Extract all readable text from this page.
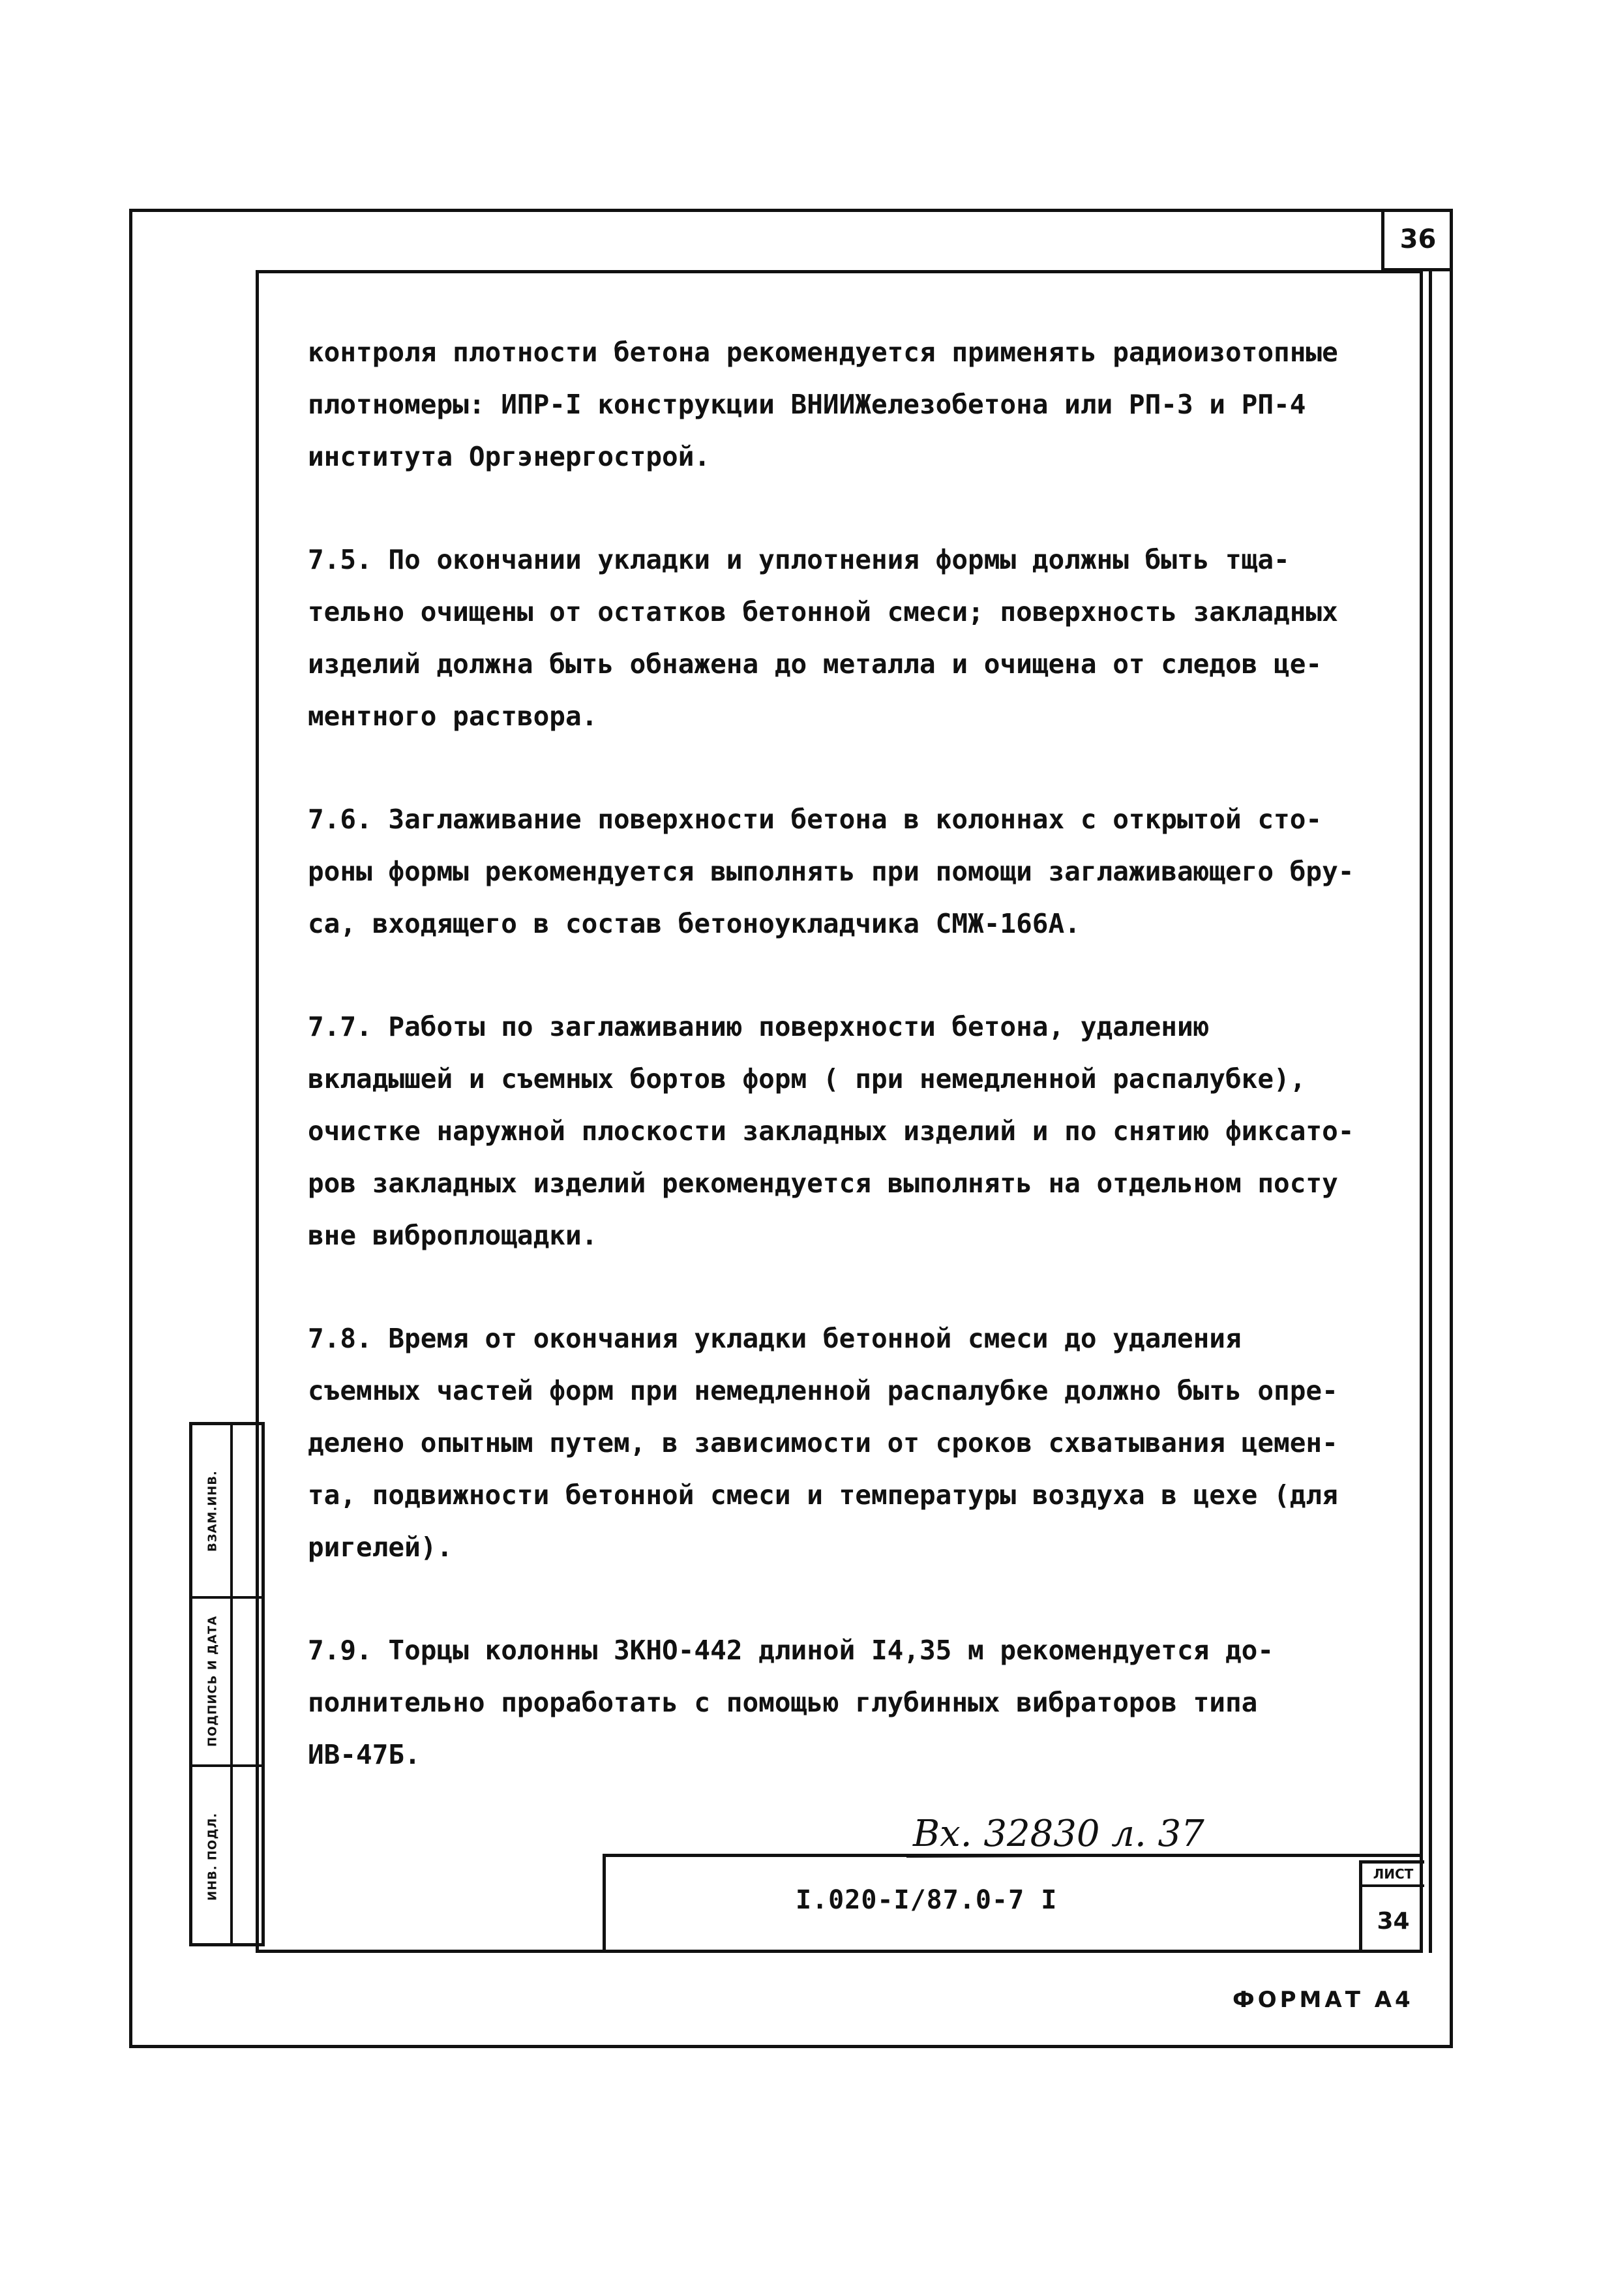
36
контроля плотности бетона рекомендуется применять радиоизотопные
плотномеры: ИПР-I конструкции ВНИИЖелезобетона или РП-3 и РП-4
института Оргэнергострой.
7.5. По окончании укладки и уплотнения формы должны быть тща-
тельно очищены от остатков бетонной смеси; поверхность закладных
изделий должна быть обнажена до металла и очищена от следов це-
ментного раствора.
7.6. Заглаживание поверхности бетона в колоннах с открытой сто-
роны формы рекомендуется выполнять при помощи заглаживающего бру-
са, входящего в состав бетоноукладчика СМЖ-166А.
7.7. Работы по заглаживанию поверхности бетона, удалению
вкладышей и съемных бортов форм ( при немедленной распалубке),
очистке наружной плоскости закладных изделий и по снятию фиксато-
ров закладных изделий рекомендуется выполнять на отдельном посту
вне виброплощадки.
7.8. Время от окончания укладки бетонной смеси до удаления
съемных частей форм при немедленной распалубке должно быть опре-
делено опытным путем, в зависимости от сроков схватывания цемен-
та, подвижности бетонной смеси и температуры воздуха в цехе (для
ригелей).
7.9. Торцы колонны ЗКНО-442 длиной I4,35 м рекомендуется до-
полнительно проработать с помощью глубинных вибраторов типа
ИВ-47Б.
ВЗАМ.ИНВ.
ПОДПИСЬ И ДАТА
ИНВ. ПОДЛ.	Вх. 32830 л. 37
I.020-I/87.0-7 I
ЛИСТ
34
ФОРМАТ А4
